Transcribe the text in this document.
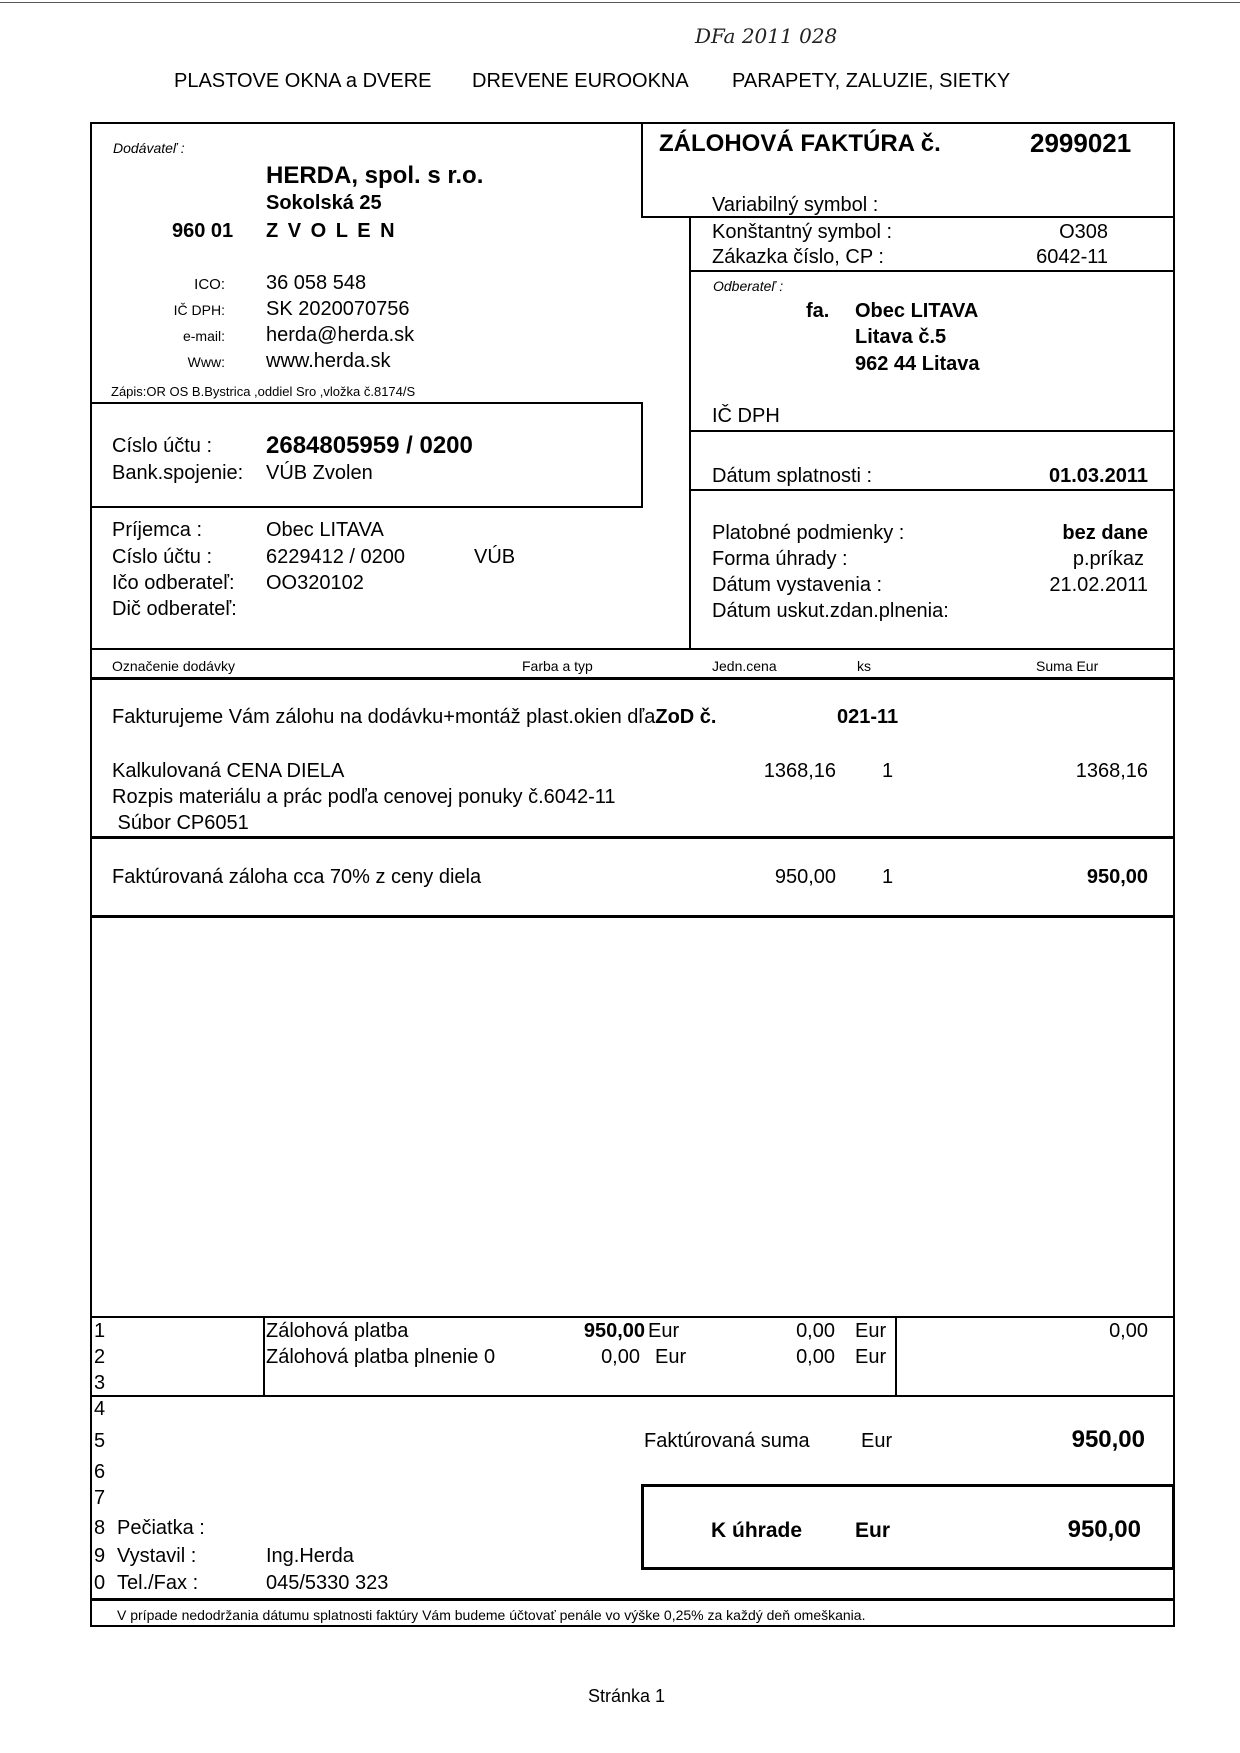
DFa 2011 028
PLASTOVE OKNA a DVERE DREVENE EUROOKNA PARAPETY, ZALUZIE, SIETKY
ZÁLOHOVÁ FAKTÚRA č.	2999021
Variabilný symbol :
Konštantný symbol :	O308
Zákazka číslo, CP :	6042-11
Odberateľ :
fa. Obec LITAVA
Litava č.5
962 44 Litava
IČ DPH
Dátum splatnosti :	01.03.2011
Platobné podmienky :	bez dane
Forma úhrady :	p.príkaz
Dátum vystavenia :	21.02.2011
Dátum uskut.zdan.plnenia:
Dodávateľ :
HERDA, spol. s r.o.
Sokolská 25
960 01 Z V O L E N
ICO: 36 058 548
IČ DPH: SK 2020070756
e-mail: herda@herda.sk
Www: www.herda.sk
Zápis:OR OS B.Bystrica ,oddiel Sro ,vložka č.8174/S
Císlo účtu : 2684805959 / 0200
Bank.spojenie: VÚB Zvolen
Príjemca :	Obec LITAVA
Císlo účtu :	6229412 / 0200	VÚB
Ičo odberateľ: OO320102
Dič odberateľ:
Označenie dodávky	Farba a typ	Jedn.cena	ks	Suma Eur
Fakturujeme Vám zálohu na dodávku+montáž plast.okien dľaZoD č.	021-11
Kalkulovaná CENA DIELA	1368,16 1	1368,16
Rozpis materiálu a prác podľa cenovej ponuky č.6042-11
Súbor CP6051
Faktúrovaná záloha cca 70% z ceny diela	950,00 1	950,00
1
2
3
4
5
6
7
8
9
0
Zálohová platba	950,00 Eur	0,00 Eur	0,00
Zálohová platba plnenie 0	0,00 Eur	0,00 Eur
Faktúrovaná suma	Eur	950,00
K úhrade	Eur	950,00
Pečiatka :
Vystavil :	Ing.Herda
Tel./Fax :	045/5330 323
V prípade nedodržania dátumu splatnosti faktúry Vám budeme účtovať penále vo výške 0,25% za každý deň omeškania.
Stránka 1
